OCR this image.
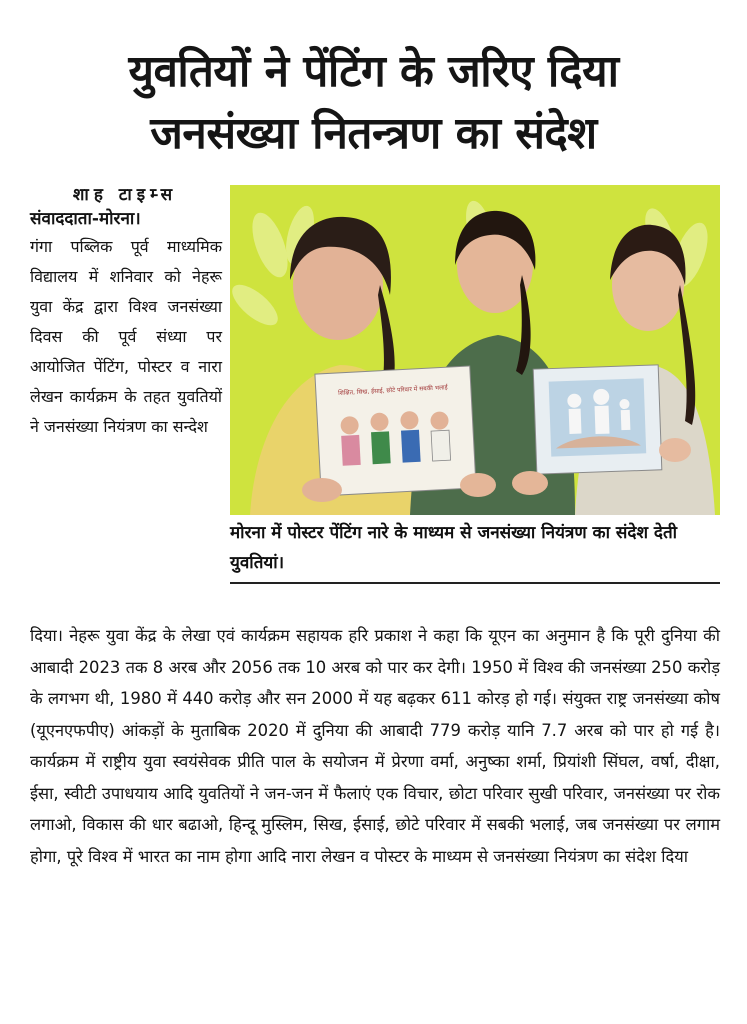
युवतियों ने पेंटिंग के जरिए दिया
जनसंख्या नितन्त्रण का संदेश

शाह टाइम्स
संवाददाता-मोरना।

गंगा पब्लिक पूर्व माध्यमिक विद्यालय में शनिवार को नेहरू युवा केंद्र द्वारा विश्व जनसंख्या दिवस की पूर्व संध्या पर आयोजित पेंटिंग, पोस्टर व नारा लेखन कार्यक्रम के तहत युवतियों ने जनसंख्या नियंत्रण का सन्देश

शिक्षित, सिख, ईसाई, छोटे परिवार में सबकी भलाई

मोरना में पोस्टर पेंटिंग नारे के माध्यम से जनसंख्या नियंत्रण का संदेश देती युवतियां।

दिया। नेहरू युवा केंद्र के लेखा एवं कार्यक्रम सहायक हरि प्रकाश ने कहा कि यूएन का अनुमान है कि पूरी दुनिया की आबादी 2023 तक 8 अरब और 2056 तक 10 अरब को पार कर देगी। 1950 में विश्व की जनसंख्या 250 करोड़ के लगभग थी, 1980 में 440 करोड़ और सन 2000 में यह बढ़कर 611 कोरड़ हो गई। संयुक्त राष्ट्र जनसंख्या कोष (यूएनएफपीए) आंकड़ों के मुताबिक 2020 में दुनिया की आबादी 779 करोड़ यानि 7.7 अरब को पार हो गई है। कार्यक्रम में राष्ट्रीय युवा स्वयंसेवक प्रीति पाल के सयोजन में प्रेरणा वर्मा, अनुष्का शर्मा, प्रियांशी सिंघल, वर्षा, दीक्षा, ईसा, स्वीटी उपाधयाय आदि युवतियों ने जन-जन में फैलाएं एक विचार, छोटा परिवार सुखी परिवार, जनसंख्या पर रोक लगाओ, विकास की धार बढाओ, हिन्दू मुस्लिम, सिख, ईसाई, छोटे परिवार में सबकी भलाई, जब जनसंख्या पर लगाम होगा, पूरे विश्व में भारत का नाम होगा आदि नारा लेखन व पोस्टर के माध्यम से जनसंख्या नियंत्रण का संदेश दिया
